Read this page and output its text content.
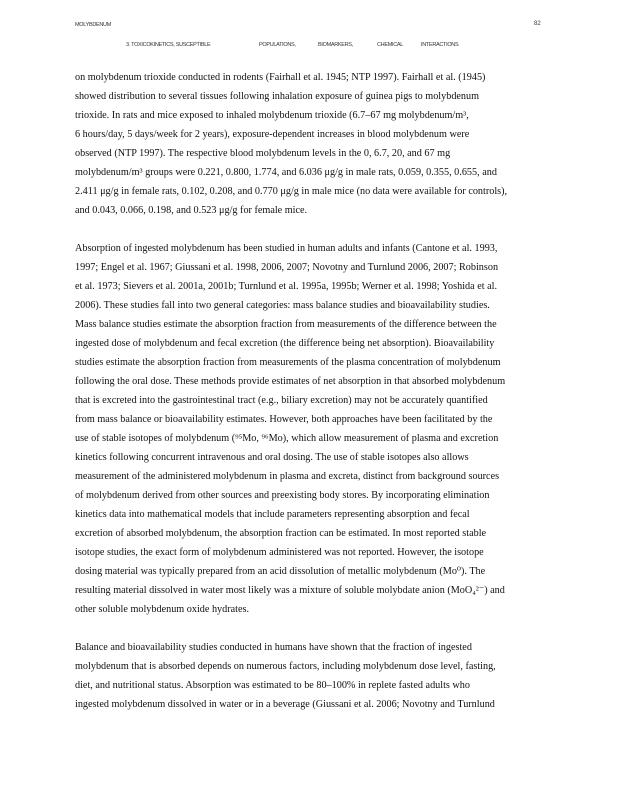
MOLYBDENUM	82
3. TOXICOKINETICS, SUSCEPTIBLE	POPULATIONS,	BIOMARKERS,	CHEMICAL	INTERACTIONS
on molybdenum trioxide conducted in rodents (Fairhall et al. 1945; NTP 1997). Fairhall et al. (1945)
showed distribution to several tissues following inhalation exposure of guinea pigs to molybdenum
trioxide. In rats and mice exposed to inhaled molybdenum trioxide (6.7–67 mg molybdenum/m³,
6 hours/day, 5 days/week for 2 years), exposure-dependent increases in blood molybdenum were
observed (NTP 1997). The respective blood molybdenum levels in the 0, 6.7, 20, and 67 mg
molybdenum/m³ groups were 0.221, 0.800, 1.774, and 6.036 μg/g in male rats, 0.059, 0.355, 0.655, and
2.411 μg/g in female rats, 0.102, 0.208, and 0.770 μg/g in male mice (no data were available for controls),
and 0.043, 0.066, 0.198, and 0.523 μg/g for female mice.
Absorption of ingested molybdenum has been studied in human adults and infants (Cantone et al. 1993,
1997; Engel et al. 1967; Giussani et al. 1998, 2006, 2007; Novotny and Turnlund 2006, 2007; Robinson
et al. 1973; Sievers et al. 2001a, 2001b; Turnlund et al. 1995a, 1995b; Werner et al. 1998; Yoshida et al.
2006). These studies fall into two general categories: mass balance studies and bioavailability studies.
Mass balance studies estimate the absorption fraction from measurements of the difference between the
ingested dose of molybdenum and fecal excretion (the difference being net absorption). Bioavailability
studies estimate the absorption fraction from measurements of the plasma concentration of molybdenum
following the oral dose. These methods provide estimates of net absorption in that absorbed molybdenum
that is excreted into the gastrointestinal tract (e.g., biliary excretion) may not be accurately quantified
from mass balance or bioavailability estimates. However, both approaches have been facilitated by the
use of stable isotopes of molybdenum (⁹⁵Mo, ⁹⁶Mo), which allow measurement of plasma and excretion
kinetics following concurrent intravenous and oral dosing. The use of stable isotopes also allows
measurement of the administered molybdenum in plasma and excreta, distinct from background sources
of molybdenum derived from other sources and preexisting body stores. By incorporating elimination
kinetics data into mathematical models that include parameters representing absorption and fecal
excretion of absorbed molybdenum, the absorption fraction can be estimated. In most reported stable
isotope studies, the exact form of molybdenum administered was not reported. However, the isotope
dosing material was typically prepared from an acid dissolution of metallic molybdenum (Mo⁰). The
resulting material dissolved in water most likely was a mixture of soluble molybdate anion (MoO₄²⁻) and
other soluble molybdenum oxide hydrates.
Balance and bioavailability studies conducted in humans have shown that the fraction of ingested
molybdenum that is absorbed depends on numerous factors, including molybdenum dose level, fasting,
diet, and nutritional status. Absorption was estimated to be 80–100% in replete fasted adults who
ingested molybdenum dissolved in water or in a beverage (Giussani et al. 2006; Novotny and Turnlund
